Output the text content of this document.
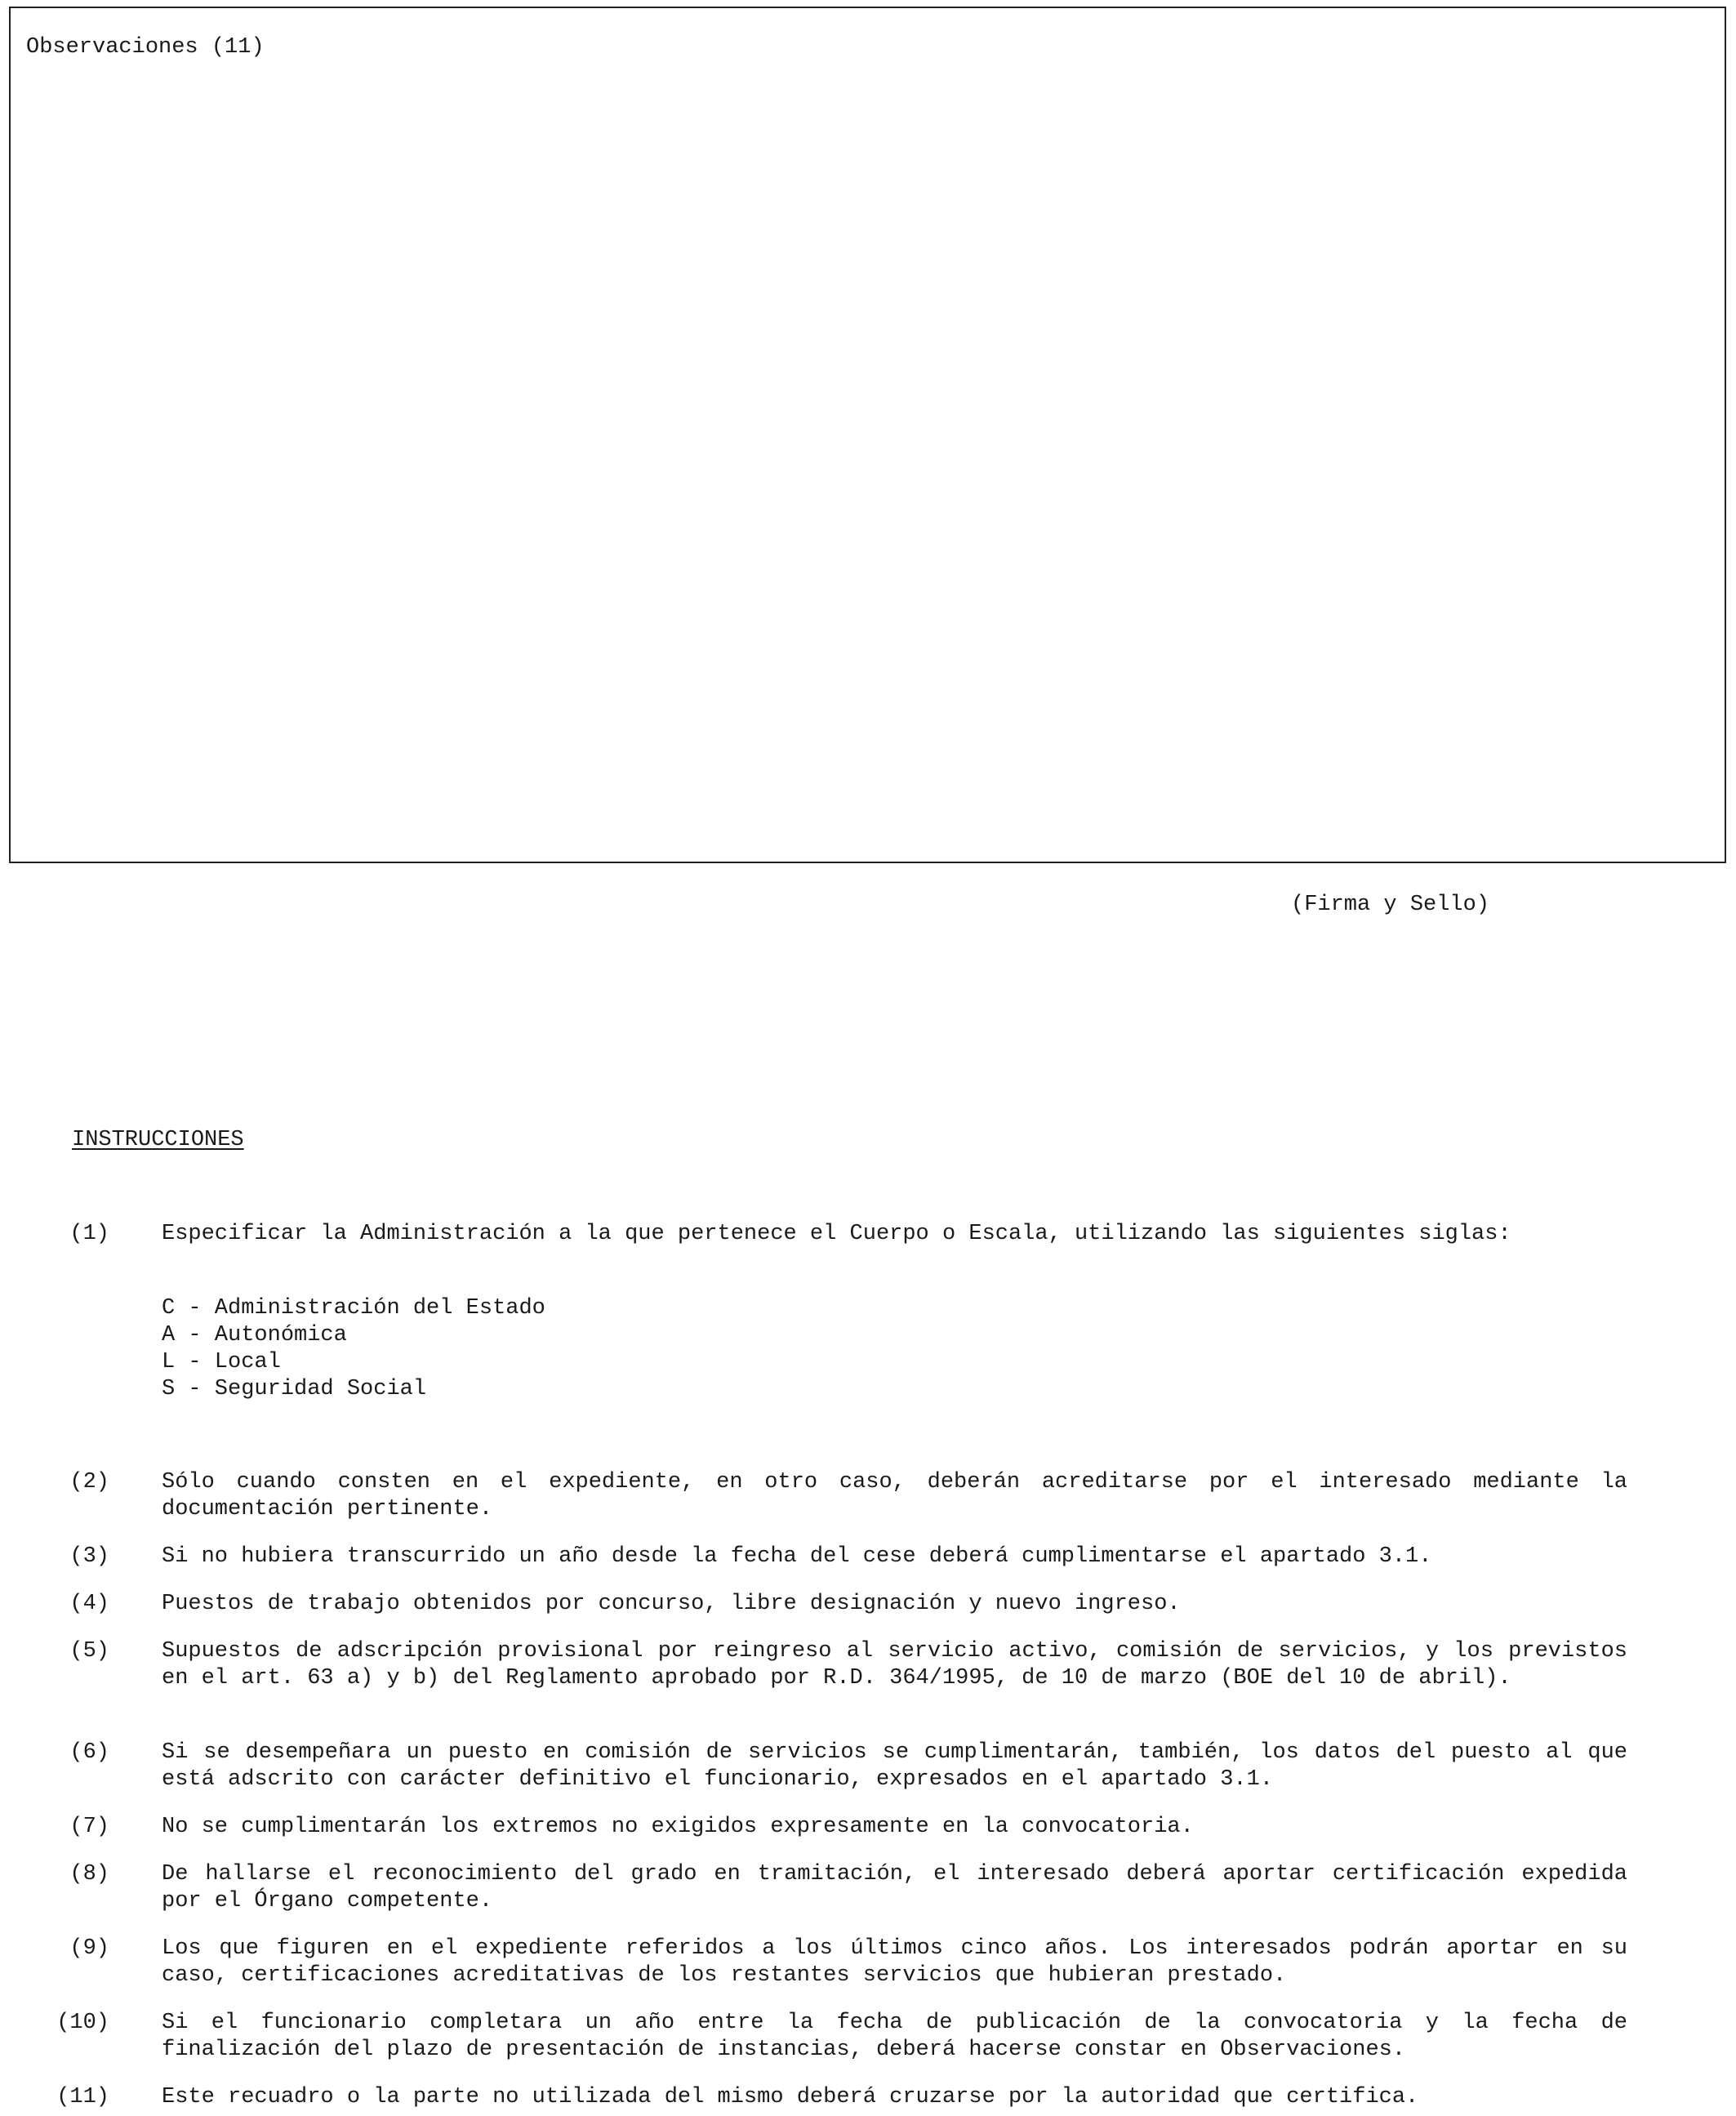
Observaciones (11)
(Firma y Sello)
INSTRUCCIONES
(1) Especificar la Administración a la que pertenece el Cuerpo o Escala, utilizando las siguientes siglas:
C - Administración del Estado
A - Autonómica
L - Local
S - Seguridad Social
(2) Sólo cuando consten en el expediente, en otro caso, deberán acreditarse por el interesado mediante la documentación pertinente.
(3) Si no hubiera transcurrido un año desde la fecha del cese deberá cumplimentarse el apartado 3.1.
(4) Puestos de trabajo obtenidos por concurso, libre designación y nuevo ingreso.
(5) Supuestos de adscripción provisional por reingreso al servicio activo, comisión de servicios, y los previstos en el art. 63 a) y b) del Reglamento aprobado por R.D. 364/1995, de 10 de marzo (BOE del 10 de abril).
(6) Si se desempeñara un puesto en comisión de servicios se cumplimentarán, también, los datos del puesto al que está adscrito con carácter definitivo el funcionario, expresados en el apartado 3.1.
(7) No se cumplimentarán los extremos no exigidos expresamente en la convocatoria.
(8) De hallarse el reconocimiento del grado en tramitación, el interesado deberá aportar certificación expedida por el Órgano competente.
(9) Los que figuren en el expediente referidos a los últimos cinco años. Los interesados podrán aportar en su caso, certificaciones acreditativas de los restantes servicios que hubieran prestado.
(10) Si el funcionario completara un año entre la fecha de publicación de la convocatoria y la fecha de finalización del plazo de presentación de instancias, deberá hacerse constar en Observaciones.
(11) Este recuadro o la parte no utilizada del mismo deberá cruzarse por la autoridad que certifica.
